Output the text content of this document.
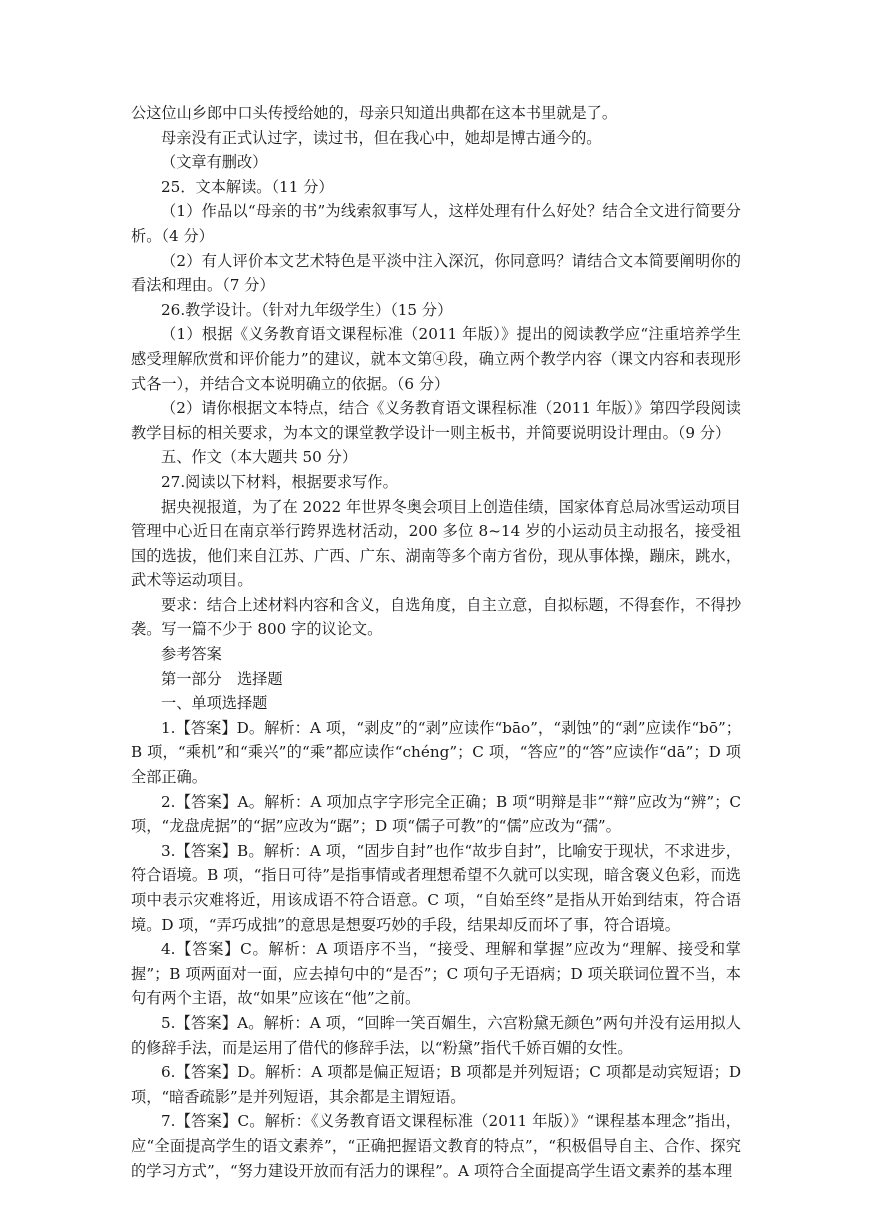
公这位山乡郎中口头传授给她的，母亲只知道出典都在这本书里就是了。

母亲没有正式认过字，读过书，但在我心中，她却是博古通今的。

（文章有删改）

25．文本解读。（11 分）

（1）作品以“母亲的书”为线索叙事写人，这样处理有什么好处？结合全文进行简要分析。（4 分）

（2）有人评价本文艺术特色是平淡中注入深沉，你同意吗？请结合文本简要阐明你的看法和理由。（7 分）

26.教学设计。（针对九年级学生）（15 分）

（1）根据《义务教育语文课程标准（2011 年版）》提出的阅读教学应“注重培养学生感受理解欣赏和评价能力”的建议，就本文第④段，确立两个教学内容（课文内容和表现形式各一），并结合文本说明确立的依据。（6 分）

（2）请你根据文本特点，结合《义务教育语文课程标准（2011 年版）》第四学段阅读教学目标的相关要求，为本文的课堂教学设计一则主板书，并简要说明设计理由。（9 分）

五、作文（本大题共 50 分）

27.阅读以下材料，根据要求写作。

据央视报道，为了在 2022 年世界冬奥会项目上创造佳绩，国家体育总局冰雪运动项目管理中心近日在南京举行跨界选材活动，200 多位 8~14 岁的小运动员主动报名，接受祖国的选拔，他们来自江苏、广西、广东、湖南等多个南方省份，现从事体操，蹦床，跳水，武术等运动项目。

要求：结合上述材料内容和含义，自选角度，自主立意，自拟标题，不得套作，不得抄袭。写一篇不少于 800 字的议论文。

参考答案

第一部分　选择题

一、单项选择题

1.【答案】D。解析：A 项，“剥皮”的“剥”应读作“bāo”，“剥蚀”的“剥”应读作“bō”；B 项，“乘机”和“乘兴”的“乘”都应读作“chéng”；C 项，“答应”的“答”应读作“dā”；D 项全部正确。

2.【答案】A。解析：A 项加点字字形完全正确；B 项“明辩是非”“辩”应改为“辨”；C 项，“龙盘虎据”的“据”应改为“踞”；D 项“儒子可教”的“儒”应改为“孺”。

3.【答案】B。解析：A 项，“固步自封”也作“故步自封”，比喻安于现状，不求进步，符合语境。B 项，“指日可待”是指事情或者理想希望不久就可以实现，暗含褒义色彩，而选项中表示灾难将近，用该成语不符合语意。C 项，“自始至终”是指从开始到结束，符合语境。D 项，“弄巧成拙”的意思是想耍巧妙的手段，结果却反而坏了事，符合语境。

4.【答案】C。解析：A 项语序不当，“接受、理解和掌握”应改为“理解、接受和掌握”；B 项两面对一面，应去掉句中的“是否”；C 项句子无语病；D 项关联词位置不当，本句有两个主语，故“如果”应该在“他”之前。

5.【答案】A。解析：A 项，“回眸一笑百媚生，六宫粉黛无颜色”两句并没有运用拟人的修辞手法，而是运用了借代的修辞手法，以“粉黛”指代千娇百媚的女性。

6.【答案】D。解析：A 项都是偏正短语；B 项都是并列短语；C 项都是动宾短语；D 项，“暗香疏影”是并列短语，其余都是主谓短语。

7.【答案】C。解析：《义务教育语文课程标准（2011 年版）》“课程基本理念”指出，应“全面提高学生的语文素养”，“正确把握语文教育的特点”，“积极倡导自主、合作、探究的学习方式”，“努力建设开放而有活力的课程”。A 项符合全面提高学生语文素养的基本理
